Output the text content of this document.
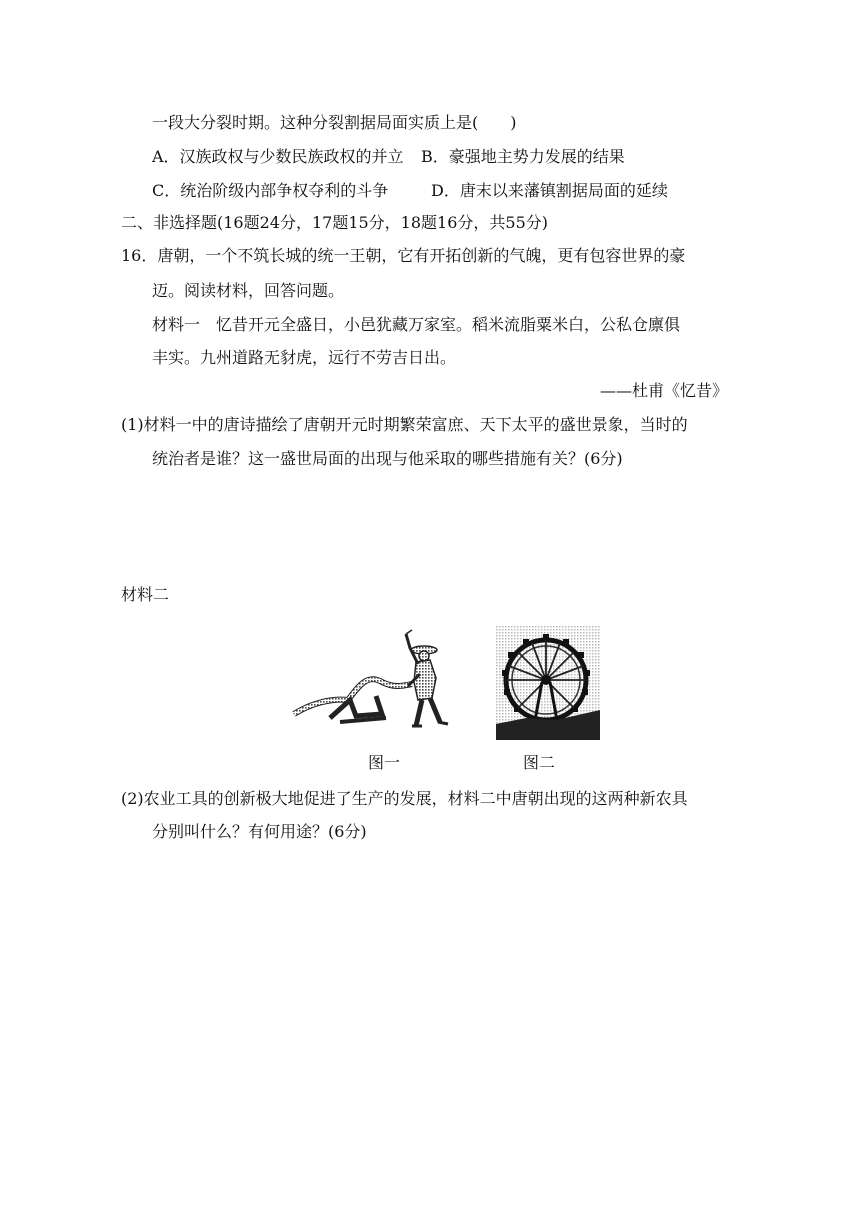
一段大分裂时期。这种分裂割据局面实质上是(　　)
A．汉族政权与少数民族政权的并立 B．豪强地主势力发展的结果
C．统治阶级内部争权夺利的斗争	D．唐末以来藩镇割据局面的延续
二、非选择题(16题24分，17题15分，18题16分，共55分)
16．唐朝，一个不筑长城的统一王朝，它有开拓创新的气魄，更有包容世界的豪
迈。阅读材料，回答问题。
材料一　忆昔开元全盛日，小邑犹藏万家室。稻米流脂粟米白，公私仓廪俱
丰实。九州道路无豺虎，远行不劳吉日出。
——杜甫《忆昔》
(1)材料一中的唐诗描绘了唐朝开元时期繁荣富庶、天下太平的盛世景象，当时的
统治者是谁？这一盛世局面的出现与他采取的哪些措施有关？(6分)
材料二
图一	图二
(2)农业工具的创新极大地促进了生产的发展，材料二中唐朝出现的这两种新农具
分别叫什么？有何用途？(6分)
